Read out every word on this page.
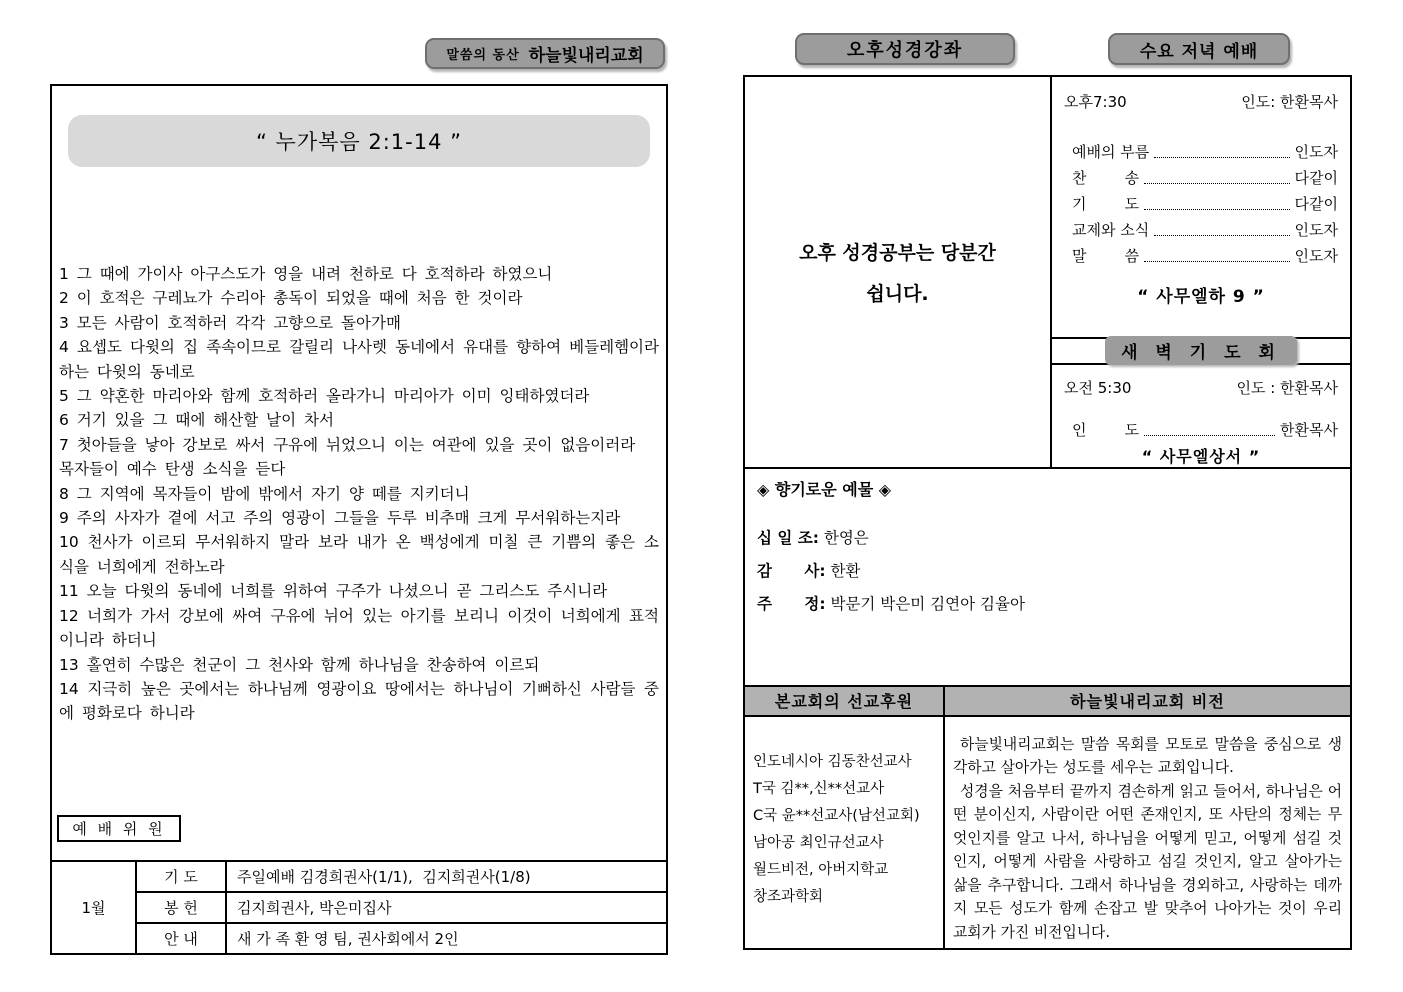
말씀의 동산 하늘빛내리교회	오후성경강좌	수요 저녁 예배
“ 누가복음 2:1-14 ”
1 그 때에 가이사 아구스도가 영을 내려 천하로 다 호적하라 하였으니
2 이 호적은 구레뇨가 수리아 총독이 되었을 때에 처음 한 것이라
3 모든 사람이 호적하러 각각 고향으로 돌아가매
4 요셉도 다윗의 집 족속이므로 갈릴리 나사렛 동네에서 유대를 향하여 베들레헴이라 하는 다윗의 동네로
5 그 약혼한 마리아와 함께 호적하러 올라가니 마리아가 이미 잉태하였더라
6 거기 있을 그 때에 해산할 날이 차서
7 첫아들을 낳아 강보로 싸서 구유에 뉘었으니 이는 여관에 있을 곳이 없음이러라
목자들이 예수 탄생 소식을 듣다
8 그 지역에 목자들이 밤에 밖에서 자기 양 떼를 지키더니
9 주의 사자가 곁에 서고 주의 영광이 그들을 두루 비추매 크게 무서워하는지라
10 천사가 이르되 무서워하지 말라 보라 내가 온 백성에게 미칠 큰 기쁨의 좋은 소식을 너희에게 전하노라
11 오늘 다윗의 동네에 너희를 위하여 구주가 나셨으니 곧 그리스도 주시니라
12 너희가 가서 강보에 싸여 구유에 뉘어 있는 아기를 보리니 이것이 너희에게 표적이니라 하더니
13 홀연히 수많은 천군이 그 천사와 함께 하나님을 찬송하여 이르되
14 지극히 높은 곳에서는 하나님께 영광이요 땅에서는 하나님이 기뻐하신 사람들 중에 평화로다 하니라
예 배 위 원
1월	기 도	주일예배 김경희권사(1/1),  김지희권사(1/8)
	봉 헌	김지희권사, 박은미집사
	안 내	새 가 족 환 영 팀, 권사회에서 2인
오후 성경공부는 당분간
쉽니다.
오후7:30	인도: 한환목사
예배의 부름	인도자
찬        송	다같이
기        도	다같이
교제와 소식	인도자
말        씀	인도자
“ 사무엘하 9 ”
새 벽 기 도 회
오전 5:30	인도 : 한환목사
인        도	한환목사
“ 사무엘상서 ”
◈ 향기로운 예물 ◈
십 일 조: 한영은
감      사: 한환
주      정: 박문기 박은미 김연아 김율아
본교회의 선교후원	하늘빛내리교회 비전
인도네시아 김동찬선교사
T국 김**,신**선교사
C국 윤**선교사(남선교회)
남아공 최인규선교사
월드비전, 아버지학교
창조과학회

하늘빛내리교회는 말씀 목회를 모토로 말씀을 중심으로 생각하고 살아가는 성도를 세우는 교회입니다.

성경을 처음부터 끝까지 겸손하게 읽고 들어서, 하나님은 어떤 분이신지, 사람이란 어떤 존재인지, 또 사탄의 정체는 무엇인지를 알고 나서, 하나님을 어떻게 믿고, 어떻게 섬길 것인지, 어떻게 사람을 사랑하고 섬길 것인지, 알고 살아가는 삶을 추구합니다. 그래서 하나님을 경외하고, 사랑하는 데까지 모든 성도가 함께 손잡고 발 맞추어 나아가는 것이 우리 교회가 가진 비전입니다.
